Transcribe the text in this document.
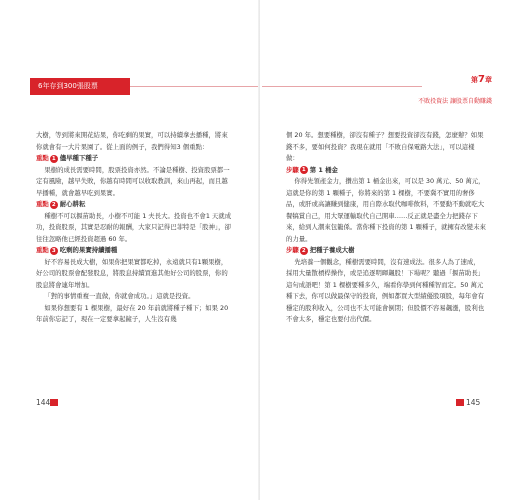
6年存到300張股票

大樹，等到將來開花結果，你吃剩的果實，可以持續拿去播種，將來你就會有一大片果園了。從上面的例子，我們得知3 個重點：

重點 1 儘早種下種子

果樹的成長需要時間，股票投資亦然。不論是種樹、投資股票都一定有風險，越早失敗，你越有時間可以收取教訓，來山再起，而且越早播種，就會越早吃到果實。

重點 2 耐心耕耘

種樹不可以揠苗助長，小樹不可能 1 夫長大。投資也不會1 天就成功，投資股票，其實是忍耐的報酬，大家只記得巴菲特是「股神」，卻往往忽略他已經投資超過 60 年。

重點 3 吃剩的果實持續播種

好不容易長成大樹，如果你把果實都吃掉，永遠就只有1顆果樹，好公司的股票會配發股息，將股息持續買進其他好公司的股票，你的股息將會連年增加。

「對的事情重複一直做，你就會成功。」這就是投資。

如果你想要有 1 棵果樹，最好在 20 年前就將種子種下；如果 20 年前你忘記了，現在一定要拿起鏟子，人生沒有幾

144

個 20 年。想要種樹，卻沒有種子？想要投資卻沒有錢，怎麼辦？如果錢不多，要如何投資？我現在就用「不敗自保電路大法」，可以這樣做：

步驟 1 第 1 桶金

你得先領產金力，攢出第 1 桶金出來，可以是 30 萬元、50 萬元，這就是你的第 1 顆種子，你將來的第 1 棵樹，不要冀不實用的奢侈品，或肝或高讓賺到健康，用自際水取代咖啡飲料，不要動不動就吃大餐犒賞自己，用大眾運輸取代自己開車……反正就是盡全力把錢存下來，給到人潮來包籠係。當你種下投資的第 1 顆種子，就擁有改變未來的力量。

步驟 2 把種子養成大樹

先培養一個觀念，種樹需要時間，沒有速成法。很多人為了速成，採用大量散槓桿操作，或是追逐明暉飆股！下場呢？聽過「揠苗助長」這句成語吧！第 1 棵樹要種多久，端看你學到何種種智而定。50 萬元種下去，你可以做最保守的投資，例如都買大型績優股項股，每年會有穩定的股利收入，公司也不太可能會倒閉；但股價不容易飆漲，股利也不會太多，穩定也要付出代價。

145
第7章
不敗投資法 讓股票自動賺錢
